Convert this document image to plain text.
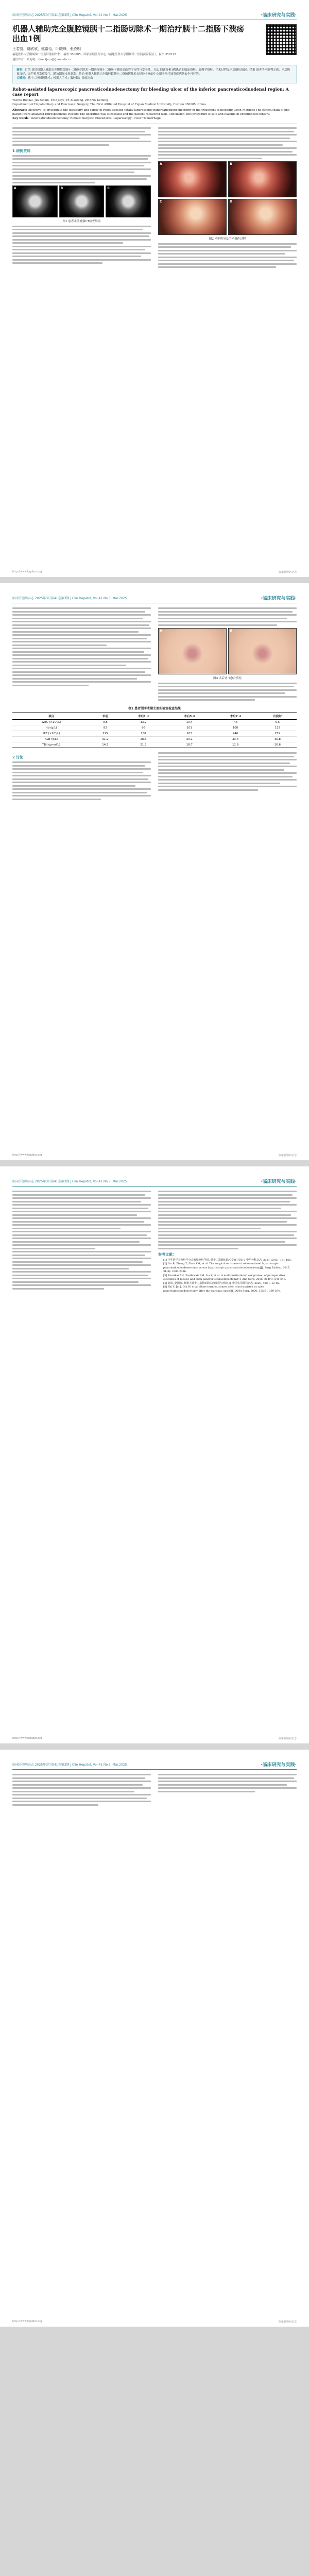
临床肝胆病杂志 2025年3月第41卷第3期 J Clin Hepatol, Vol.41 No.3, Mar.2025	·临床研究与实践·
机器人辅助完全腹腔镜胰十二指肠切除术一期治疗胰十二指肠下溃疡出血1例
王若凯，贾欣欣，姚嘉怡，叶晓峰，张克明
福建医科大学附属第一医院肝胆胰外科，福州 350005；国家区域医疗中心（福建医科大学附属第一医院滨海院区），福州 350212
通信作者：张克明，zkm_fjmu@fjmu.edu.cn
摘要：目的 探讨机器人辅助完全腹腔镜胰十二指肠切除术一期治疗胰十二指肠下溃疡出血的可行性与安全性。方法 回顾分析1例患者的临床资料、影像学资料、手术过程及术后随访情况。结果 患者手术顺利完成，术后恢复良好，无严重并发症发生，随访期间未见复发。结论 机器人辅助完全腹腔镜胰十二指肠切除术在经验丰富的中心用于治疗该类疾病是安全可行的。
关键词：胰十二指肠切除术；机器人手术；腹腔镜；溃疡出血
Robot-assisted laparoscopic pancreaticoduodenectomy for bleeding ulcer of the inferior pancreaticoduodenal region: A case report
WANG Ruokai, JIA Xinxin, YAO Jiayi, YE Xiaofeng, ZHANG Keming
Department of Hepatobiliary and Pancreatic Surgery, The First Affiliated Hospital of Fujian Medical University, Fuzhou 350005, China
Abstract: Objective To investigate the feasibility and safety of robot-assisted totally laparoscopic pancreaticoduodenectomy in the treatment of bleeding ulcer. Methods The clinical data of one patient were analyzed retrospectively. Results The operation was successful and the patient recovered well. Conclusion This procedure is safe and feasible in experienced centers.
Key words: Pancreaticoduodenectomy; Robotic Surgical Procedures; Laparoscopy; Ulcer Hemorrhage
1 病例资料
A	B	C
图1 患者术前增强CT检查结果
A	B
C	D
图2 术中所见及手术操作过程
http://www.lcgdbzz.org	临床肝胆病杂志
临床肝胆病杂志 2025年3月第41卷第3期 J Clin Hepatol, Vol.41 No.3, Mar.2025	·临床研究与实践·
A	B
图3 术后切口愈合情况
表1 患者围手术期主要实验室检查结果
项目	术前	术后1 d	术后3 d	术后7 d	出院时
WBC (×10⁹/L)	9.8	13.2	10.4	7.6	6.5
Hb (g/L)	82	96	101	108	112
PLT (×10⁹/L)	215	188	203	246	259
ALB (g/L)	31.2	28.6	30.1	33.4	35.8
TBil (μmol/L)	14.5	21.3	18.7	12.9	10.6
2 讨论
http://www.lcgdbzz.org	临床肝胆病杂志
临床肝胆病杂志 2025年3月第41卷第3期 J Clin Hepatol, Vol.41 No.3, Mar.2025	·临床研究与实践·
参考文献：
[1] 中华医学会外科学分会胰腺外科学组. 胰十二指肠切除术专家共识[J]. 中华外科杂志, 2021, 59(3): 161-168.
[2] Liu R, Zhang T, Zhao ZM, et al. The surgical outcomes of robot-assisted laparoscopic pancreaticoduodenectomy versus laparoscopic pancreaticoduodenectomy[J]. Surg Endosc, 2017, 31(6): 2380-2386.
[3] Zureikat AH, Postlewait LM, Liu Y, et al. A multi-institutional comparison of perioperative outcomes of robotic and open pancreaticoduodenectomy[J]. Ann Surg, 2016, 264(4): 640-649.
[4] 刘荣, 赵国栋. 机器人胰十二指肠切除术的发展与现状[J]. 中国实用外科杂志, 2020, 40(1): 42-46.
[5] Shi Y, Jin J, Qiu W, et al. Short-term outcomes after robot-assisted vs open pancreaticoduodenectomy after the learning curve[J]. JAMA Surg, 2020, 155(5): 389-394.
http://www.lcgdbzz.org	临床肝胆病杂志
临床肝胆病杂志 2025年3月第41卷第3期 J Clin Hepatol, Vol.41 No.3, Mar.2025	·临床研究与实践·
http://www.lcgdbzz.org	临床肝胆病杂志
